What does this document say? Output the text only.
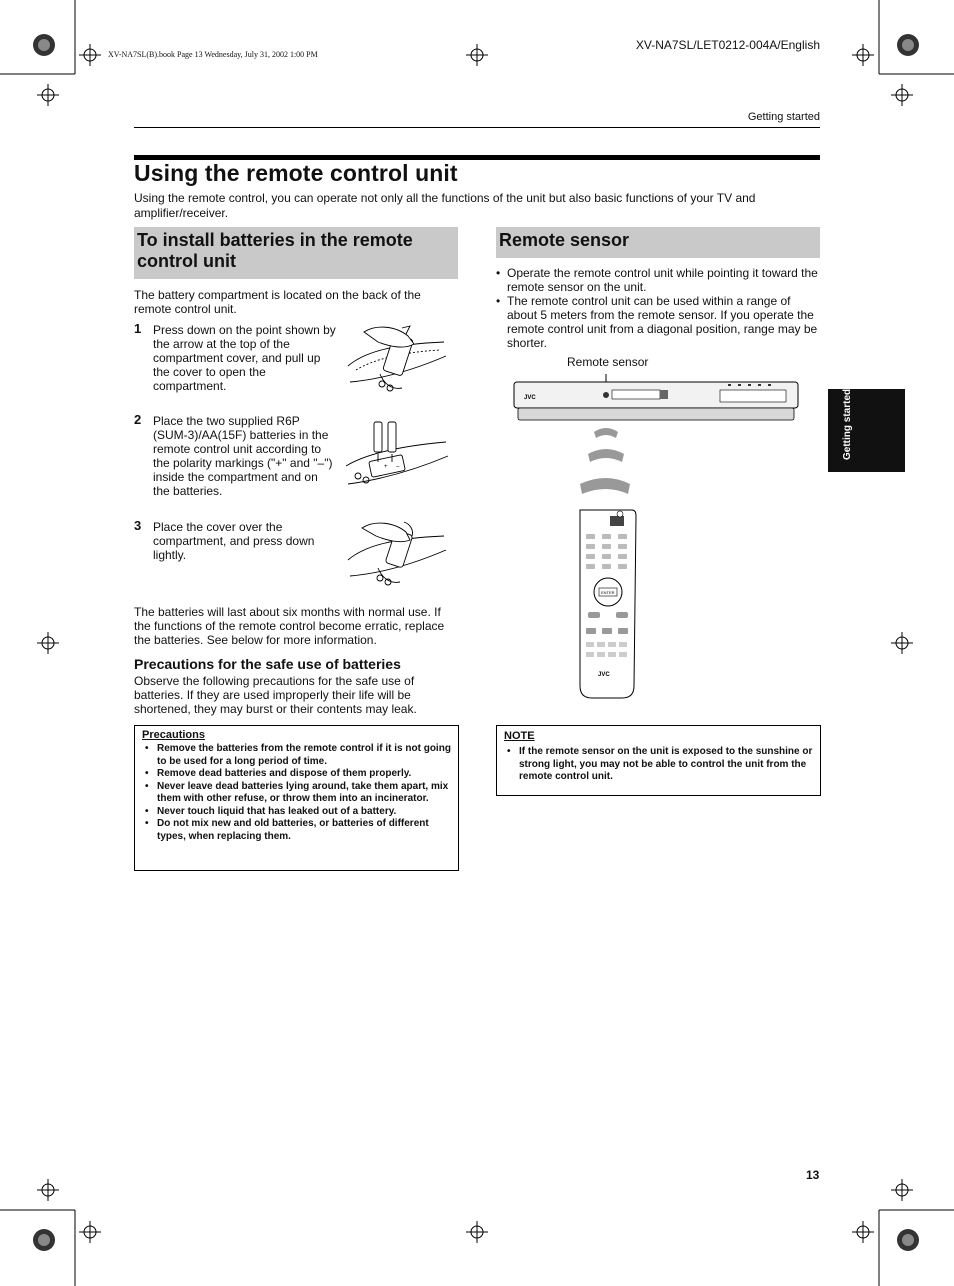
XV-NA7SL(B).book Page 13 Wednesday, July 31, 2002 1:00 PM
XV-NA7SL/LET0212-004A/English
Getting started
Using the remote control unit
Using the remote control, you can operate not only all the functions of the unit but also basic functions of your TV and amplifier/receiver.
To install batteries in the remote
control unit
The battery compartment is located on the back of the remote control unit.
1 Press down on the point shown by the arrow at the top of the compartment cover, and pull up the cover to open the compartment.
2 Place the two supplied R6P (SUM-3)/AA(15F) batteries in the remote control unit according to the polarity markings ("+" and "–") inside the compartment and on the batteries.
3 Place the cover over the compartment, and press down lightly.
+ –
The batteries will last about six months with normal use. If the functions of the remote control become erratic, replace the batteries. See below for more information.
Precautions for the safe use of batteries
Observe the following precautions for the safe use of batteries. If they are used improperly their life will be shortened, they may burst or their contents may leak.
Precautions
• Remove the batteries from the remote control if it is not going to be used for a long period of time.
• Remove dead batteries and dispose of them properly.
• Never leave dead batteries lying around, take them apart, mix them with other refuse, or throw them into an incinerator.
• Never touch liquid that has leaked out of a battery.
• Do not mix new and old batteries, or batteries of different types, when replacing them.
Remote sensor
• Operate the remote control unit while pointing it toward the remote sensor on the unit.
• The remote control unit can be used within a range of about 5 meters from the remote sensor. If you operate the remote control unit from a diagonal position, range may be shorter.
Remote sensor
JVC
ENTER
JVC
NOTE
• If the remote sensor on the unit is exposed to the sunshine or strong light, you may not be able to control the unit from the remote control unit.
Getting started
13
